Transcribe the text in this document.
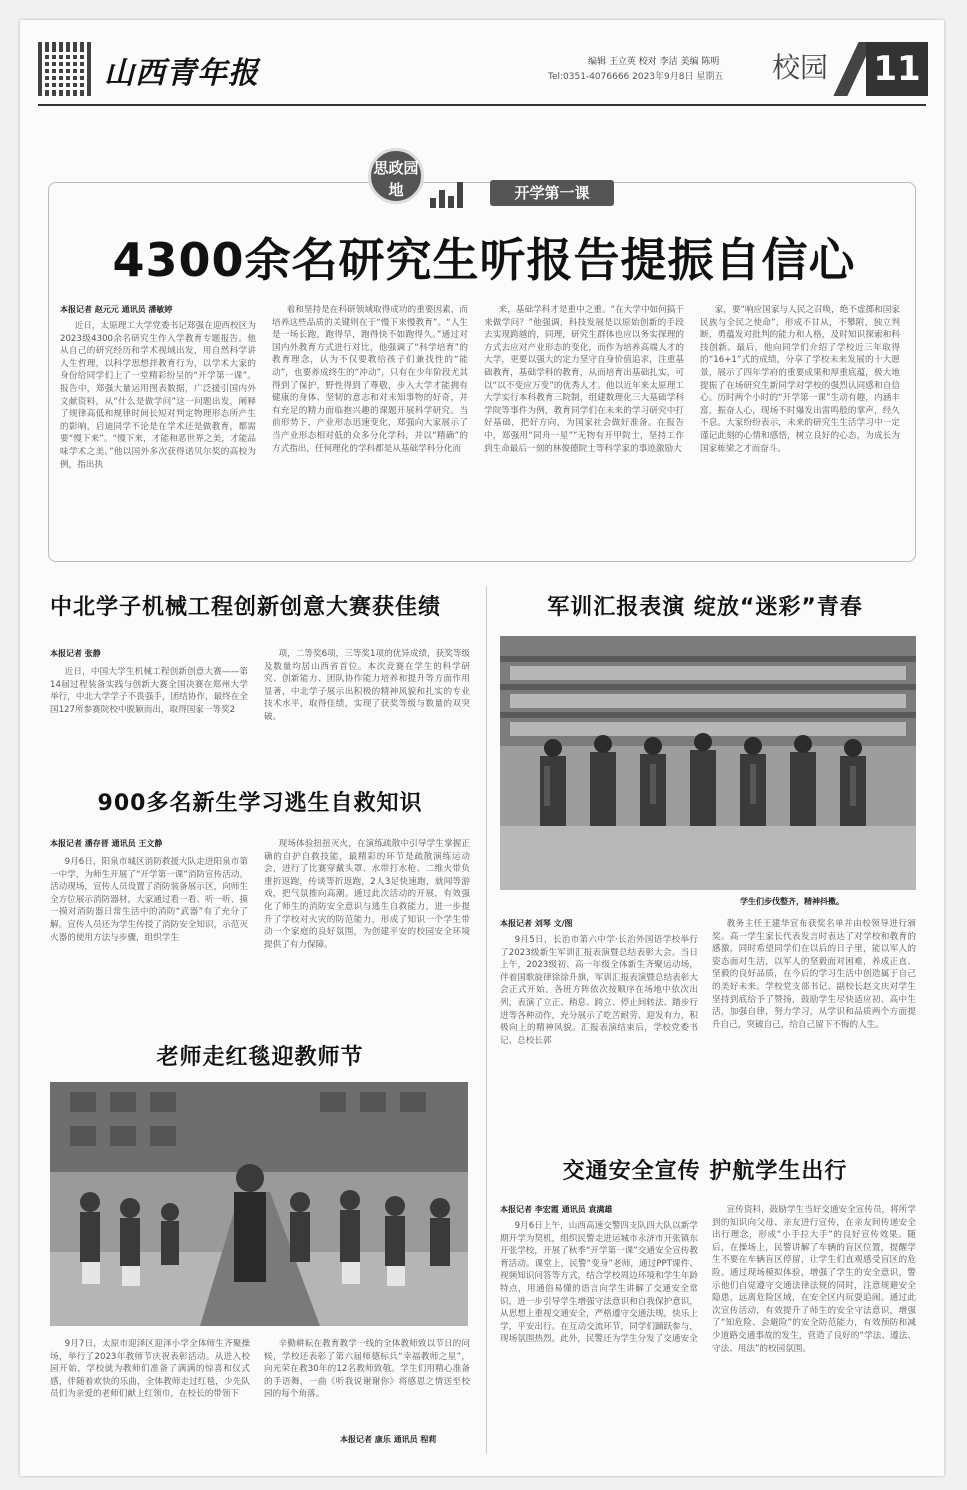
山西青年报	编辑 王立英 校对 李洁 美编 陈明
Tel:0351-4076666 2023年9月8日 星期五 校园 11
思政园地	开学第一课
4300余名研究生听报告提振自信心
本报记者 赵元元 通讯员 潘敏婷
近日，太原理工大学党委书记郑强在迎西校区为2023级4300余名研究生作入学教育专题报告。他从自己的研究经历和学术视域出发，用自然科学讲人生哲理，以科学思想拌教育行为，以学术大家的身份给同学们上了一堂精彩纷呈的“开学第一课”。报告中，郑强大量运用图表数据，广泛援引国内外文献资料，从“什么是做学问”这一问题出发，阐释了规律高低和规律时间长短对判定物理形态所产生的影响，启迪同学不论是在学术还是做教育，都需要“慢下来”。“慢下来，才能和恶世界之美，才能品味学术之美。”他以国外多次获得诺贝尔奖的高校为例，指出执
着和坚持是在科研领域取得成功的重要因素，而培养这些品质的关键则在于“慢下来慢教育”。“人生是一场长跑，跑得早，跑得快不如跑得久。”通过对国内外教育方式进行对比，他强调了“科学培育”的教育理念，认为不仅要教给孩子们兼找性的“能动”，也要养成终生的“冲动”，只有在少年阶段尤其得到了保护，野性得到了尊敬，步入大学才能拥有健康的身体、坚韧的意志和对未知事物的好奇，并有充足的精力面临抱兴趣的课题开展科学研究。当前形势下，产业形态迅速变化，郑强向大家展示了当产业形态相对低的众多分化学科，并以“精确”的方式指出，任何理化的学科都是从基础学科分化而
来，基础学科才是重中之重。“在大学中如何搞干来做学问？”他强调，科技发展是以原始创新的手段去实现跨越的，同理，研究生群体也应以务实探理的方式去应对产业形态的变化，而作为培养高端人才的大学，更要以强大的定力坚守自身价值追求，注重基础教育，基础学科的教育，从而培育出基础扎实，可以“以不变应万变”的优秀人才。他以近年来太原理工大学实行本科教育三院制，组建数理化三大基础学科学院等事件为例，教育同学们在未来的学习研究中打好基础，把好方向，为国家社会做好准备。在报告中，郑强用“同舟一星”“无物有开甲院士，坚持工作到生命最后一刻的林俊德院士等科学家的事迹激励大
家，要“响应国家与人民之召唤，绝不虚掷和国家民族与全民之使命”，形成不甘从，不攀附，独立判断，勇蕴发对批判的能力和人格，及时知识探索和科技创新。最后，他向同学们介绍了学校近三年取得的“16+1”式的成绩，分享了学校未来发展的十大愿景，展示了四年学府的重要成果和厚重底蕴，极大地提振了在场研究生新同学对学校的强烈认同感和自信心。历时两个小时的“开学第一课”生动有趣，内涵丰富，振奋人心，现场不时爆发出雷鸣般的掌声，经久不息。大家纷纷表示，未来的研究生生活学习中一定谨记此刻的心情和感悟，树立良好的心态，为成长为国家栋梁之才而奋斗。
中北学子机械工程创新创意大赛获佳绩
本报记者 张静
近日，中国大学生机械工程创新创意大赛——第14届过程装备实践与创新大赛全国决赛在郑州大学举行，中北大学学子不畏强手，团结协作，最终在全国127所参赛院校中脱颖而出，取得国家一等奖2
项，二等奖6项，三等奖1项的优异成绩，获奖等级及数量均居山西省首位。本次竞赛在学生的科学研究、创新能力、团队协作能力培养和提升等方面作用显著，中北学子展示出积极的精神风貌和扎实的专业技术水平，取得佳绩，实现了获奖等级与数量的双突破。
900多名新生学习逃生自救知识
本报记者 潘存晋 通讯员 王文静
9月6日，阳泉市城区消防救援大队走进阳泉市第一中学，为师生开展了“开学第一课”消防宣传活动。活动现场，宣传人员设置了消防装备展示区，向师生全方位展示消防器材，大家通过看一看、听一听、摸一摸对消防器日常生活中的消防“武器”有了充分了解。宣传人员还为学生传授了消防安全知识，示范灭火器的使用方法与步骤，组织学生
现场体验扭扭灭火，在演练疏散中引导学生掌握正确的自护自救技能，最精彩的环节是疏散演练运动会，进行了比赛穿戴头罩、水带打水枪、二维火带负重折返跑，传谈等折返跑，2人3足快速跑，就闻等游戏，把气氛推向高潮。通过此次活动的开展，有效强化了师生的消防安全意识与逃生自救能力，进一步提升了学校对火灾的防范能力，形成了知识一个学生带动一个家庭的良好氛围，为创建平安的校园安全环境提供了有力保障。
老师走红毯迎教师节
9月7日，太原市迎泽区迎泽小学全体师生齐聚操场，举行了2023年教师节庆祝表彰活动。从进入校园开始，学校就为教师们准备了满满的惊喜和仪式感，伴随着欢快的乐曲，全体教师走过红毯，少先队员们为亲爱的老师们献上红领巾，在校长的带领下
辛勤耕耘在教育教学一线的全体教师致以节日的问候，学校还表彰了第六届师德标兵“幸福教师之星”，向光荣在教30年的12名教师致敬。学生们用精心准备的手语舞，一曲《听我说谢谢你》将感恩之情送至校园的每个角落。
本报记者 康乐 通讯员 程莉
军训汇报表演 绽放“迷彩”青春
学生们步伐整齐，精神抖擞。
本报记者 刘琴 文/图
9月5日，长治市第六中学·长治外国语学校举行了2023级新生军训汇报表演暨总结表彰大会。当日上午，2023级初、高一年级全体新生齐聚运动场，伴着国歌旋律徐徐升旗，军训汇报表演暨总结表彰大会正式开始。各班方阵依次按顺序在场地中依次出列，表演了立正、稍息、跨立、停止间转法、踏步行进等各种动作，充分展示了吃苦耐劳、迎发有力，积极向上的精神风貌。汇报表演结束后，学校党委书记、总校长郭
教务主任王建华宣布获奖名单并由校领导进行颁奖。高一学生家长代表发言时表达了对学校和教育的感激，同时希望同学们在以后的日子里，能以军人的姿态面对生活，以军人的坚毅面对困难，养成正直、坚毅的良好品质，在今后的学习生活中创造属于自己的美好未来。学校党支部书记、副校长赵文庆对学生坚持到底给予了赞扬，鼓励学生尽快适应初、高中生活，加强自律，努力学习，从学识和品质两个方面提升自己，突破自己，给自己留下不悔的人生。
交通安全宣传 护航学生出行
本报记者 李宏霞 通讯员 袁满雄
9月6日上午，山西高速交警四支队四大队以新学期开学为契机，组织民警走进运城市永济市开张镇东开张学校，开展了秋季“开学第一课”交通安全宣传教育活动。课堂上，民警“变身”老师，通过PPT课件、视频知识问答等方式，结合学校周边环境和学生年龄特点，用通俗易懂的语言向学生讲解了交通安全常识，进一步引导学生增强守法意识和自我保护意识，从思想上重视交通安全，严格遵守交通法规，快乐上学，平安出行。在互动交流环节，同学们踊跃参与，现场氛围热烈。此外，民警还为学生分发了交通安全
宣传资料，鼓励学生当好交通安全宣传员，将所学到的知识向父母、亲友进行宣传，在亲友间传递安全出行理念，形成“小手拉大手”的良好宣传效果。随后，在操场上，民警讲解了车辆的盲区位置，提醒学生不要在车辆盲区停留，让学生们直观感受盲区的危险。通过现场模拟体验，增强了学生的安全意识，警示他们自觉遵守交通法律法规的同时，注意规避安全隐患，远离危险区域，在安全区内玩耍追闹。通过此次宣传活动，有效提升了师生的安全守法意识，增强了“知危险、会避险”的安全防范能力，有效预防和减少道路交通事故的发生，营造了良好的“学法、遵法、守法、用法”的校园氛围。
